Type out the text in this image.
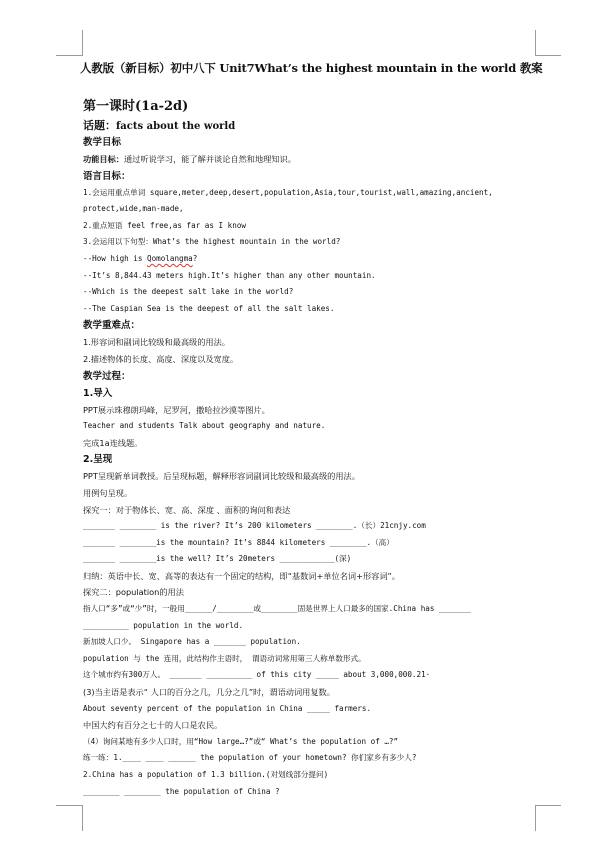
人教版（新目标）初中八下 Unit7What’s the highest mountain in the world 教案
第一课时(1a-2d)
话题：facts about the world
教学目标
功能目标：通过听说学习，能了解并谈论自然和地理知识。
语言目标：
1.会运用重点单词 square,meter,deep,desert,population,Asia,tour,tourist,wall,amazing,ancient,
protect,wide,man-made,
2.重点短语 feel free,as far as I know
3.会运用以下句型：What’s the highest mountain in the world?
--How high is Qomolangma?
--It’s 8,844.43 meters high.It’s higher than any other mountain.
--Which is the deepest salt lake in the world?
--The Caspian Sea is the deepest of all the salt lakes.
教学重难点：
1.形容词和副词比较级和最高级的用法。
2.描述物体的长度、高度、深度以及宽度。
教学过程：
1.导入
PPT展示珠穆朗玛峰，尼罗河，撒哈拉沙漠等图片。
Teacher and students Talk about geography and nature.
完成1a连线题。
2.呈现
PPT呈现新单词教授。后呈现标题，解释形容词副词比较级和最高级的用法。
用例句呈现。
探究一：对于物体长、宽、高、深度 、面积的询问和表达
_______ ________ is the river? It’s 200 kilometers ________.（长）21cnjy.com
_______ ________is the mountain? It’s 8844 kilometers ________.（高）
_______ ________is the well? It’s 20meters ____________(深)
归纳：英语中长、宽、高等的表达有一个固定的结构，即“基数词+单位名词+形容词”。
探究二：population的用法
指人口“多”或“少”时，一般用______/________或________固是世界上人口最多的国家.China has _______
__________ population in the world.
新加坡人口少。 Singapore has a _______ population.
population 与 the 连用，此结构作主语时， 谓语动词常用第三人称单数形式。
这个城市约有300万人。 _______ __________ of this city _____ about 3,000,000.21·
(3)当主语是表示“ 人口的百分之几，几分之几”时，谓语动词用复数。
About seventy percent of the population in China _____ farmers.
中国大约有百分之七十的人口是农民。
（4）询问某地有多少人口时，用“How large…?”或“ What’s the population of …?”
练一练：1.____ ____ ______ the population of your hometown? 你们家乡有多少人?
2.China has a population of 1.3 billion.(对划线部分提问)
________ ________ the population of China ?
